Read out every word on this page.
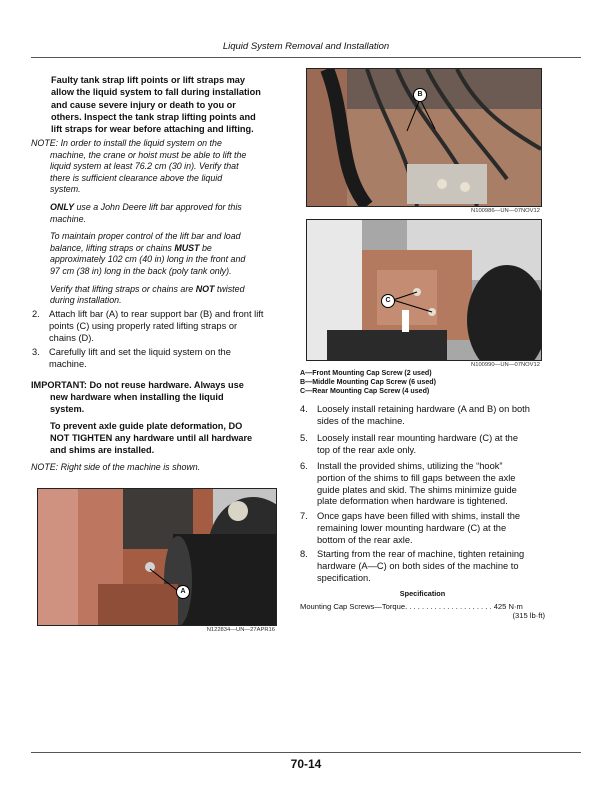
Liquid System Removal and Installation
Faulty tank strap lift points or lift straps may
allow the liquid system to fall during installation
and cause severe injury or death to you or
others. Inspect the tank strap lifting points and
lift straps for wear before attaching and lifting.
NOTE: In order to install the liquid system on the
machine, the crane or hoist must be able to lift the
liquid system at least 76.2 cm (30 in). Verify that
there is sufficient clearance above the liquid
system.
ONLY use a John Deere lift bar approved for this
machine.
To maintain proper control of the lift bar and load
balance, lifting straps or chains MUST be
approximately 102 cm (40 in) long in the front and
97 cm (38 in) long in the back (poly tank only).
Verify that lifting straps or chains are NOT twisted
during installation.
2. Attach lift bar (A) to rear support bar (B) and front lift
points (C) using properly rated lifting straps or
chains (D).
3. Carefully lift and set the liquid system on the
machine.
IMPORTANT: Do not reuse hardware. Always use
new hardware when installing the liquid
system.
To prevent axle guide plate deformation, DO
NOT TIGHTEN any hardware until all hardware
and shims are installed.
NOTE: Right side of the machine is shown.
A
N122834—UN—27APR16
B
N100986—UN—07NOV12
C
N100990—UN—07NOV12
A—Front Mounting Cap Screw (2 used)
B—Middle Mounting Cap Screw (6 used)
C—Rear Mounting Cap Screw (4 used)
4. Loosely install retaining hardware (A and B) on both
sides of the machine.
5. Loosely install rear mounting hardware (C) at the
top of the rear axle only.
6. Install the provided shims, utilizing the “hook”
portion of the shims to fill gaps between the axle
guide plates and skid. The shims minimize guide
plate deformation when hardware is tightened.
7. Once gaps have been filled with shims, install the
remaining lower mounting hardware (C) at the
bottom of the rear axle.
8. Starting from the rear of machine, tighten retaining
hardware (A—C) on both sides of the machine to
specification.
Specification
Mounting Cap Screws—Torque. . . . . . . . . . . . . . . . . . . . . 425 N·m
(315 lb·ft)
70-14
